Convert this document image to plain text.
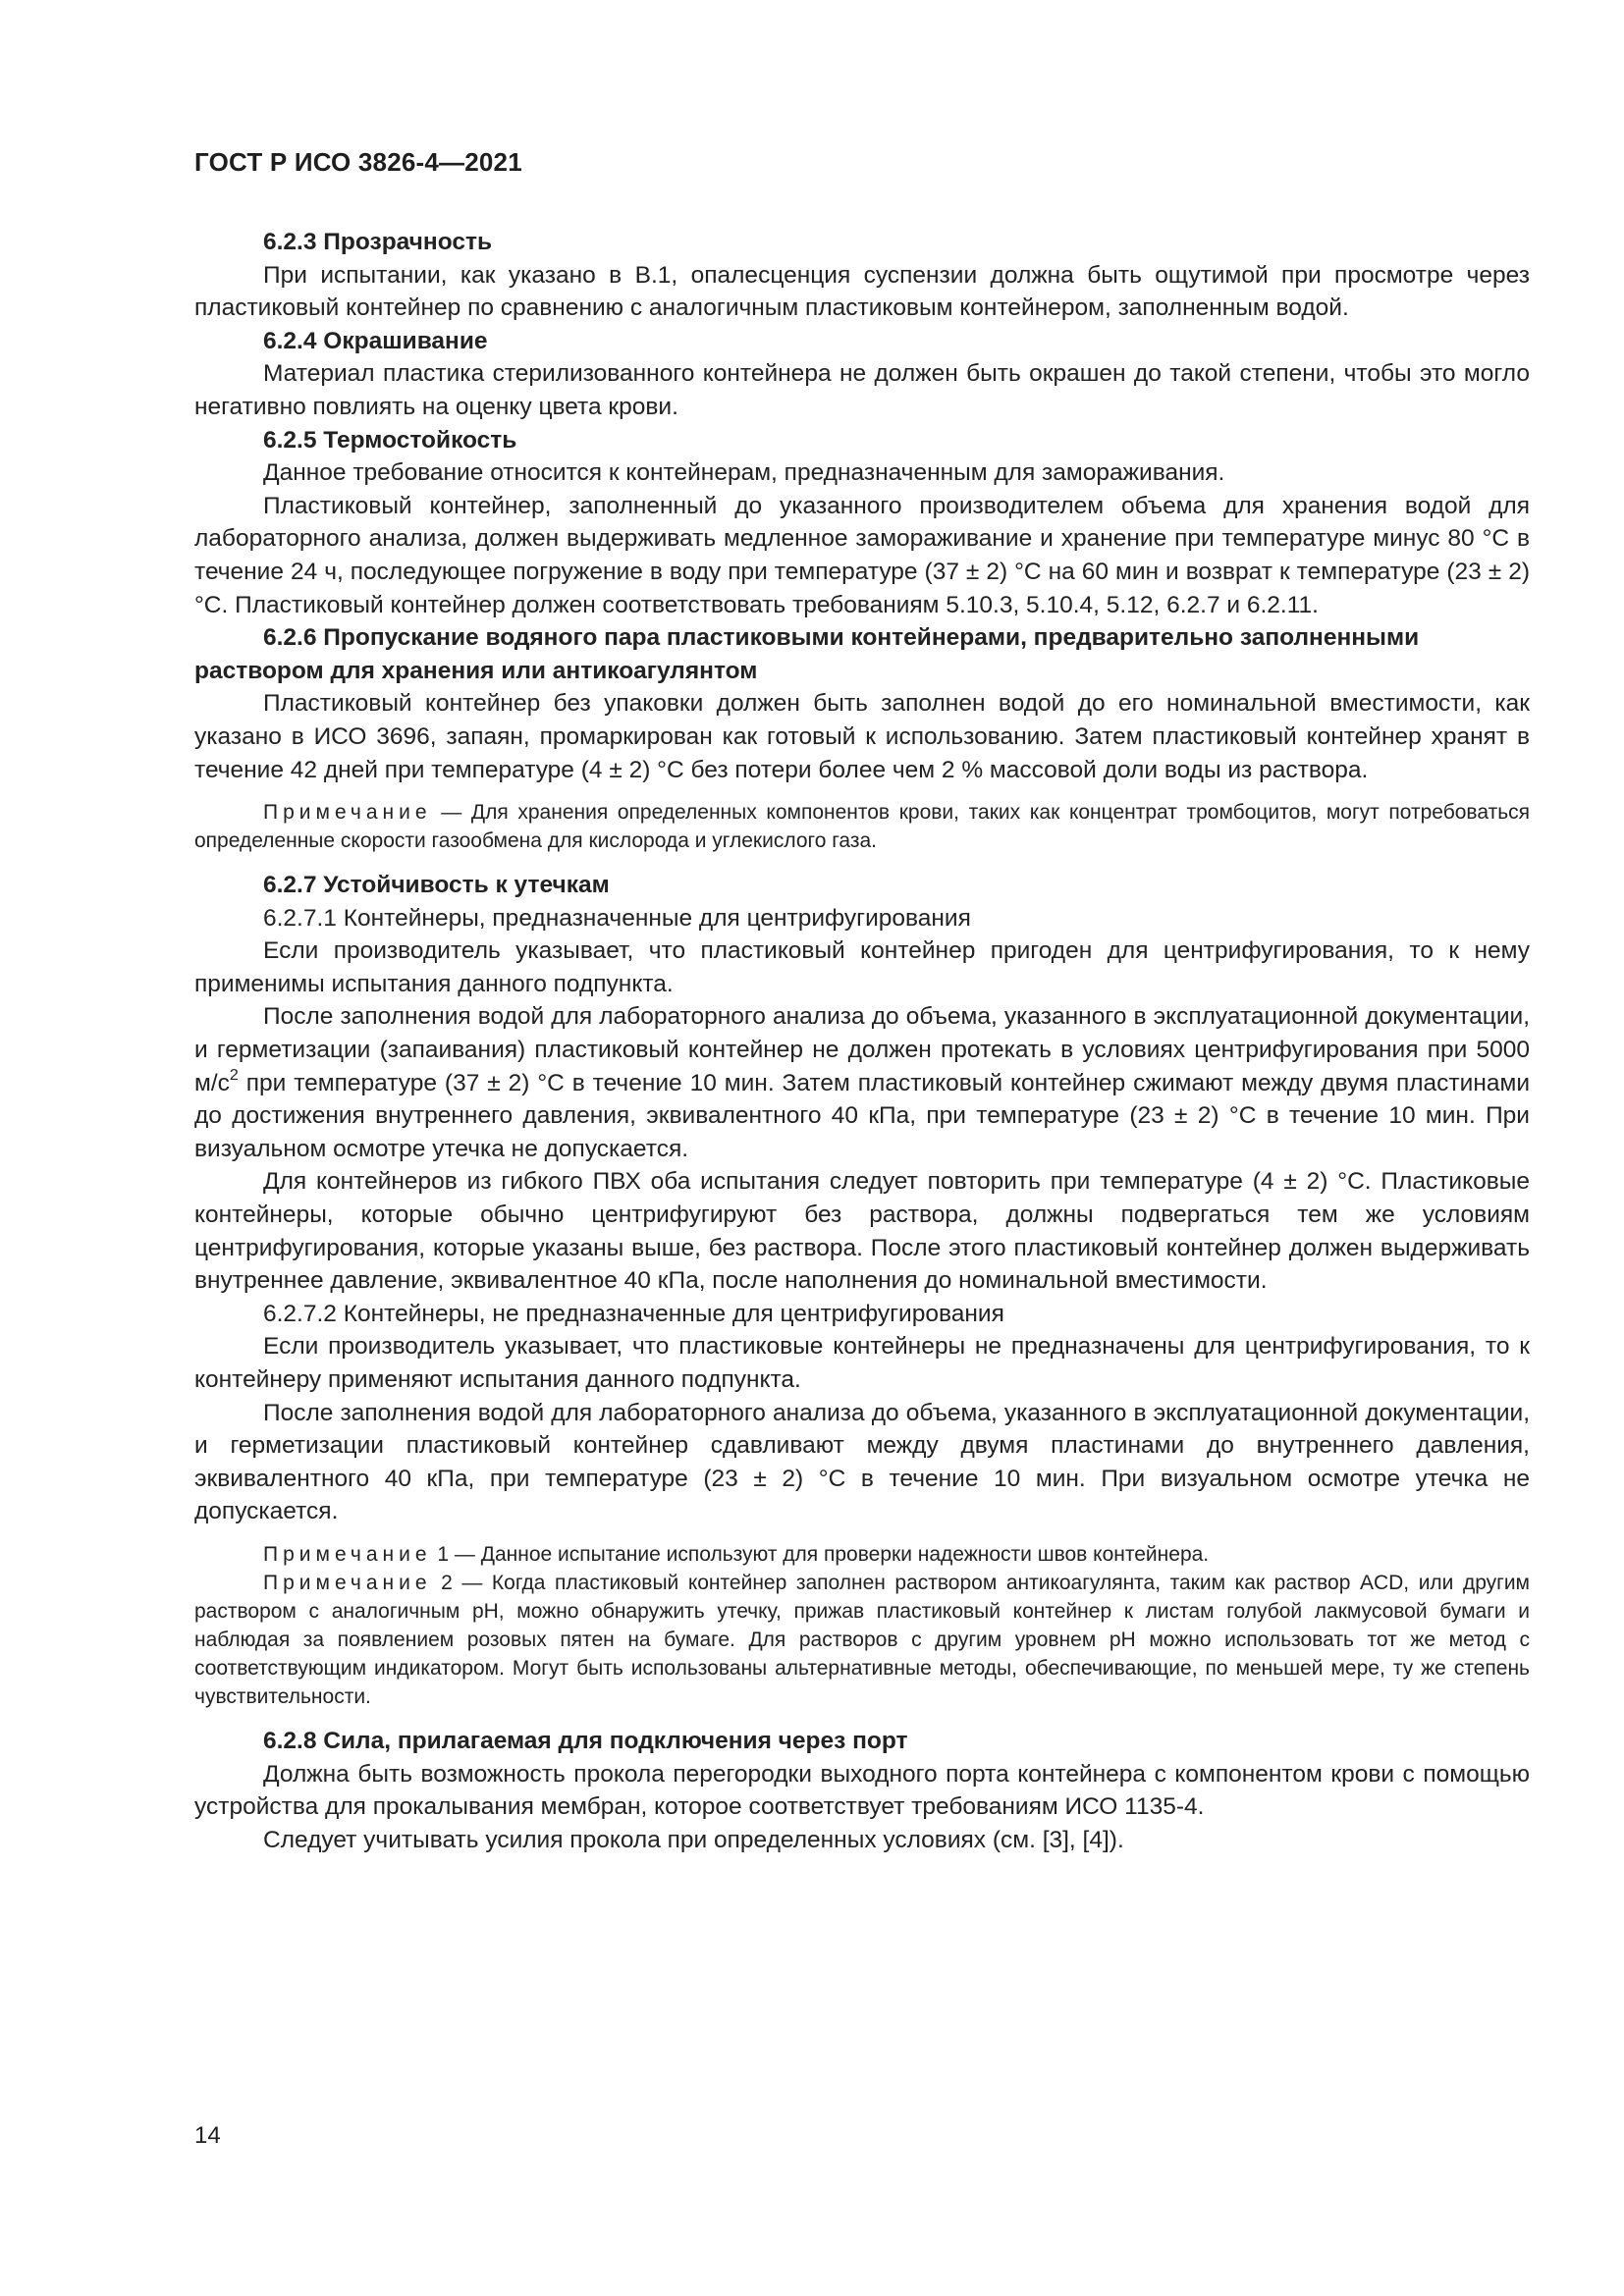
ГОСТ Р ИСО 3826-4—2021

6.2.3 Прозрачность

При испытании, как указано в B.1, опалесценция суспензии должна быть ощутимой при просмотре через пластиковый контейнер по сравнению с аналогичным пластиковым контейнером, заполненным водой.

6.2.4 Окрашивание

Материал пластика стерилизованного контейнера не должен быть окрашен до такой степени, чтобы это могло негативно повлиять на оценку цвета крови.

6.2.5 Термостойкость

Данное требование относится к контейнерам, предназначенным для замораживания.

Пластиковый контейнер, заполненный до указанного производителем объема для хранения водой для лабораторного анализа, должен выдерживать медленное замораживание и хранение при температуре минус 80 °С в течение 24 ч, последующее погружение в воду при температуре (37 ± 2) °С на 60 мин и возврат к температуре (23 ± 2) °С. Пластиковый контейнер должен соответствовать требованиям 5.10.3, 5.10.4, 5.12, 6.2.7 и 6.2.11.

6.2.6 Пропускание водяного пара пластиковыми контейнерами, предварительно заполненными раствором для хранения или антикоагулянтом

Пластиковый контейнер без упаковки должен быть заполнен водой до его номинальной вместимости, как указано в ИСО 3696, запаян, промаркирован как готовый к использованию. Затем пластиковый контейнер хранят в течение 42 дней при температуре (4 ± 2) °С без потери более чем 2 % массовой доли воды из раствора.

Примечание — Для хранения определенных компонентов крови, таких как концентрат тромбоцитов, могут потребоваться определенные скорости газообмена для кислорода и углекислого газа.

6.2.7 Устойчивость к утечкам

6.2.7.1 Контейнеры, предназначенные для центрифугирования

Если производитель указывает, что пластиковый контейнер пригоден для центрифугирования, то к нему применимы испытания данного подпункта.

После заполнения водой для лабораторного анализа до объема, указанного в эксплуатационной документации, и герметизации (запаивания) пластиковый контейнер не должен протекать в условиях центрифугирования при 5000 $м/с^2$ при температуре (37 ± 2) °С в течение 10 мин. Затем пластиковый контейнер сжимают между двумя пластинами до достижения внутреннего давления, эквивалентного 40 кПа, при температуре (23 ± 2) °С в течение 10 мин. При визуальном осмотре утечка не допускается.

Для контейнеров из гибкого ПВХ оба испытания следует повторить при температуре (4 ± 2) °С. Пластиковые контейнеры, которые обычно центрифугируют без раствора, должны подвергаться тем же условиям центрифугирования, которые указаны выше, без раствора. После этого пластиковый контейнер должен выдерживать внутреннее давление, эквивалентное 40 кПа, после наполнения до номинальной вместимости.

6.2.7.2 Контейнеры, не предназначенные для центрифугирования

Если производитель указывает, что пластиковые контейнеры не предназначены для центрифугирования, то к контейнеру применяют испытания данного подпункта.

После заполнения водой для лабораторного анализа до объема, указанного в эксплуатационной документации, и герметизации пластиковый контейнер сдавливают между двумя пластинами до внутреннего давления, эквивалентного 40 кПа, при температуре (23 ± 2) °С в течение 10 мин. При визуальном осмотре утечка не допускается.

Примечание 1 — Данное испытание используют для проверки надежности швов контейнера.

Примечание 2 — Когда пластиковый контейнер заполнен раствором антикоагулянта, таким как раствор ACD, или другим раствором с аналогичным pH, можно обнаружить утечку, прижав пластиковый контейнер к листам голубой лакмусовой бумаги и наблюдая за появлением розовых пятен на бумаге. Для растворов с другим уровнем pH можно использовать тот же метод с соответствующим индикатором. Могут быть использованы альтернативные методы, обеспечивающие, по меньшей мере, ту же степень чувствительности.

6.2.8 Сила, прилагаемая для подключения через порт

Должна быть возможность прокола перегородки выходного порта контейнера с компонентом крови с помощью устройства для прокалывания мембран, которое соответствует требованиям ИСО 1135-4.

Следует учитывать усилия прокола при определенных условиях (см. [3], [4]).

14
